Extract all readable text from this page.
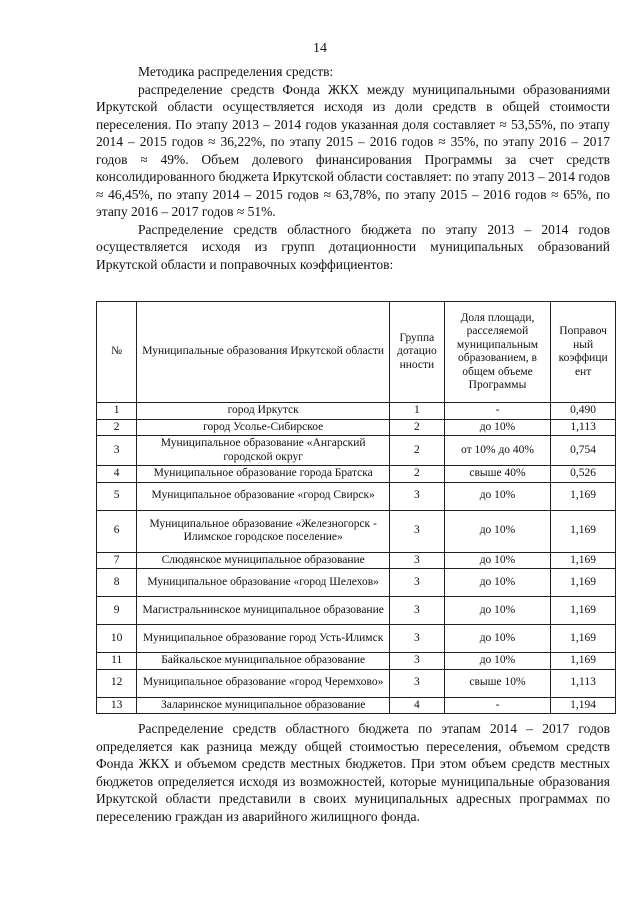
14

Методика распределения средств:

распределение средств Фонда ЖКХ между муниципальными образованиями Иркутской области осуществляется исходя из доли средств в общей стоимости переселения. По этапу 2013 – 2014 годов указанная доля составляет ≈ 53,55%, по этапу 2014 – 2015 годов ≈ 36,22%, по этапу 2015 – 2016 годов ≈ 35%, по этапу 2016 – 2017 годов ≈ 49%. Объем долевого финансирования Программы за счет средств консолидированного бюджета Иркутской области составляет: по этапу 2013 – 2014 годов ≈ 46,45%, по этапу 2014 – 2015 годов ≈ 63,78%, по этапу 2015 – 2016 годов ≈ 65%, по этапу 2016 – 2017 годов ≈ 51%.

Распределение средств областного бюджета по этапу 2013 – 2014 годов осуществляется исходя из групп дотационности муниципальных образований Иркутской области и поправочных коэффициентов:

№	Муниципальные образования Иркутской области	Группа дотацио нности	Доля площади, расселяемой муниципальным образованием, в общем объеме Программы	Поправоч ный коэффици ент
1	город Иркутск	1	-	0,490
2	город Усолье-Сибирское	2	до 10%	1,113
3	Муниципальное образование «Ангарский городской округ	2	от 10% до 40%	0,754
4	Муниципальное образование города Братска	2	свыше 40%	0,526
5	Муниципальное образование «город Свирск»	3	до 10%	1,169
6	Муниципальное образование «Железногорск - Илимское городское поселение»	3	до 10%	1,169
7	Слюдянское муниципальное образование	3	до 10%	1,169
8	Муниципальное образование «город Шелехов»	3	до 10%	1,169
9	Магистральнинское муниципальное образование	3	до 10%	1,169
10	Муниципальное образование город Усть-Илимск	3	до 10%	1,169
11	Байкальское муниципальное образование	3	до 10%	1,169
12	Муниципальное образование «город Черемхово»	3	свыше 10%	1,113
13	Заларинское муниципальное образование	4	-	1,194

Распределение средств областного бюджета по этапам 2014 – 2017 годов определяется как разница между общей стоимостью переселения, объемом средств Фонда ЖКХ и объемом средств местных бюджетов. При этом объем средств местных бюджетов определяется исходя из возможностей, которые муниципальные образования Иркутской области представили в своих муниципальных адресных программах по переселению граждан из аварийного жилищного фонда.
